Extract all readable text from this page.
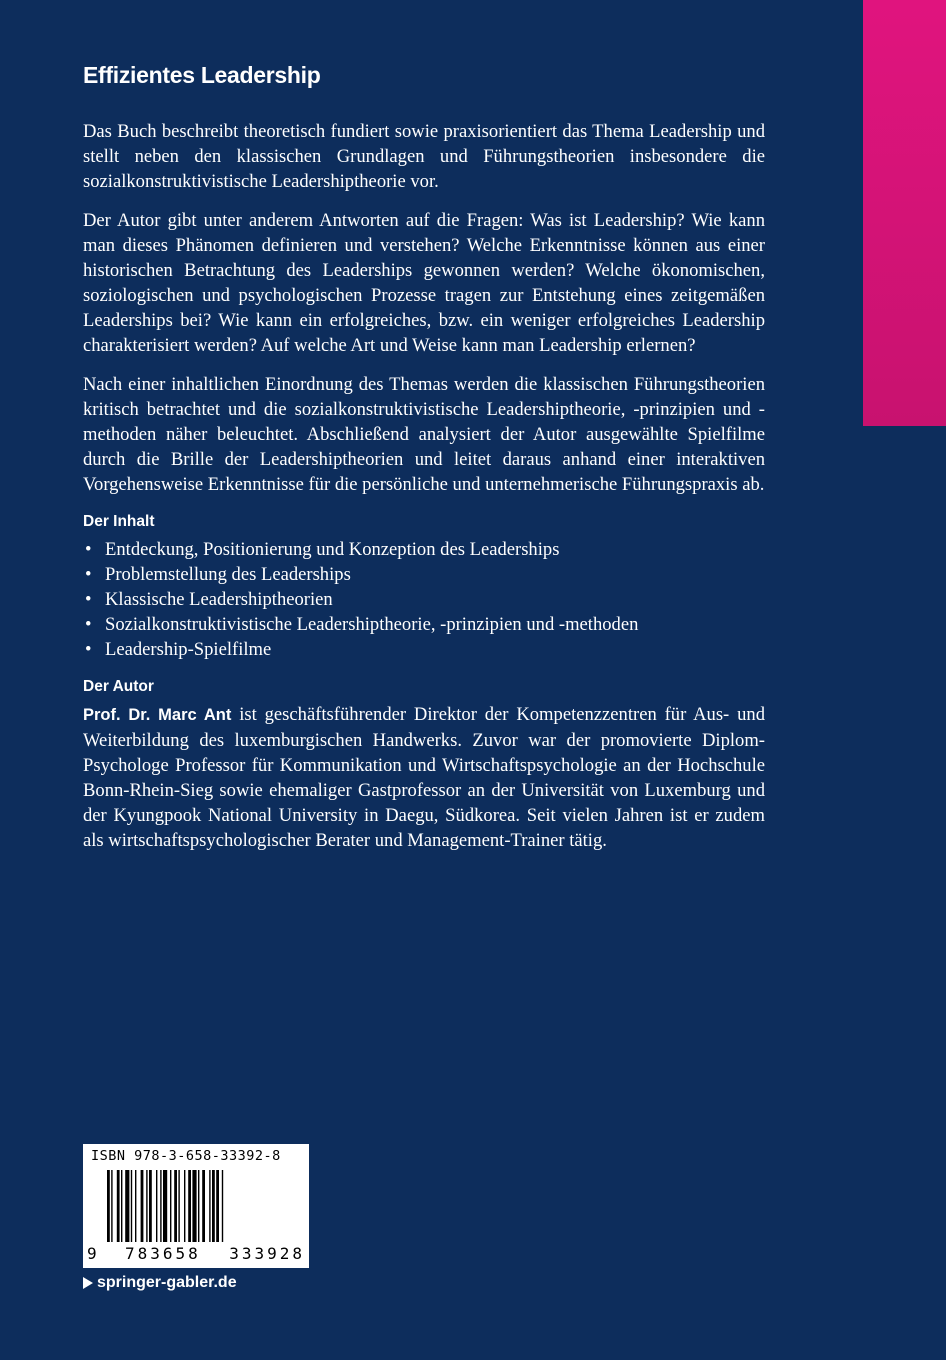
Effizientes Leadership

Das Buch beschreibt theoretisch fundiert sowie praxisorientiert das Thema Leadership und stellt neben den klassischen Grundlagen und Führungstheorien insbesondere die sozialkonstruktivistische Leadershiptheorie vor.

Der Autor gibt unter anderem Antworten auf die Fragen: Was ist Leadership? Wie kann man dieses Phänomen definieren und verstehen? Welche Erkenntnisse können aus einer historischen Betrachtung des Leaderships gewonnen werden? Welche ökonomischen, soziologischen und psychologischen Prozesse tragen zur Entstehung eines zeitgemäßen Leaderships bei? Wie kann ein erfolgreiches, bzw. ein weniger erfolgreiches Leadership charakterisiert werden? Auf welche Art und Weise kann man Leadership erlernen?

Nach einer inhaltlichen Einordnung des Themas werden die klassischen Führungstheorien kritisch betrachtet und die sozialkonstruktivistische Leadershiptheorie, -prinzipien und -methoden näher beleuchtet. Abschließend analysiert der Autor ausgewählte Spielfilme durch die Brille der Leadershiptheorien und leitet daraus anhand einer interaktiven Vorgehensweise Erkenntnisse für die persönliche und unternehmerische Führungspraxis ab.

Der Inhalt
• Entdeckung, Positionierung und Konzeption des Leaderships
• Problemstellung des Leaderships
• Klassische Leadershiptheorien
• Sozialkonstruktivistische Leadershiptheorie, -prinzipien und -methoden
• Leadership-Spielfilme
Der Autor

Prof. Dr. Marc Ant ist geschäftsführender Direktor der Kompetenzzentren für Aus- und Weiterbildung des luxemburgischen Handwerks. Zuvor war der promovierte Diplom-Psychologe Professor für Kommunikation und Wirtschaftspsychologie an der Hochschule Bonn-Rhein-Sieg sowie ehemaliger Gastprofessor an der Universität von Luxemburg und der Kyungpook National University in Daegu, Südkorea. Seit vielen Jahren ist er zudem als wirtschaftspsychologischer Berater und Management-Trainer tätig.

ISBN 978-3-658-33392-8
9 783658 333928
springer-gabler.de
